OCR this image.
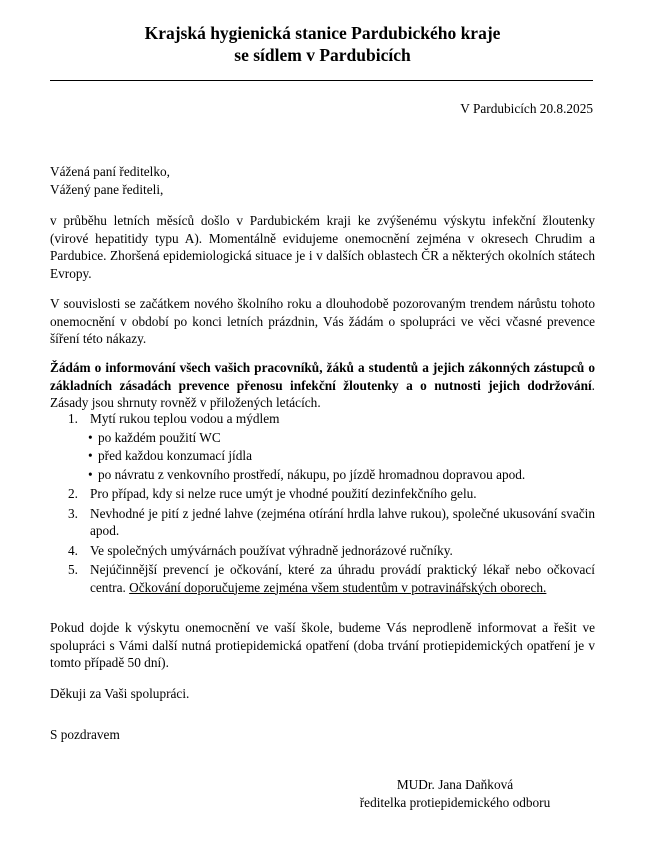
Krajská hygienická stanice Pardubického kraje
se sídlem v Pardubicích
V Pardubicích 20.8.2025
Vážená paní ředitelko,
Vážený pane řediteli,
v průběhu letních měsíců došlo v Pardubickém kraji ke zvýšenému výskytu infekční žloutenky (virové hepatitidy typu A). Momentálně evidujeme onemocnění zejména v okresech Chrudim a Pardubice. Zhoršená epidemiologická situace je i v dalších oblastech ČR a některých okolních státech Evropy.
V souvislosti se začátkem nového školního roku a dlouhodobě pozorovaným trendem nárůstu tohoto onemocnění v období po konci letních prázdnin, Vás žádám o spolupráci ve věci včasné prevence šíření této nákazy.
Žádám o informování všech vašich pracovníků, žáků a studentů a jejich zákonných zástupců o základních zásadách prevence přenosu infekční žloutenky a o nutnosti jejich dodržování. Zásady jsou shrnuty rovněž v přiložených letácích.
1. Mytí rukou teplou vodou a mýdlem
• po každém použití WC
• před každou konzumací jídla
• po návratu z venkovního prostředí, nákupu, po jízdě hromadnou dopravou apod.
2. Pro případ, kdy si nelze ruce umýt je vhodné použití dezinfekčního gelu.
3. Nevhodné je pití z jedné lahve (zejména otírání hrdla lahve rukou), společné ukusování svačin apod.
4. Ve společných umývárnách používat výhradně jednorázové ručníky.
5. Nejúčinnější prevencí je očkování, které za úhradu provádí praktický lékař nebo očkovací centra. Očkování doporučujeme zejména všem studentům v potravinářských oborech.
Pokud dojde k výskytu onemocnění ve vaší škole, budeme Vás neprodleně informovat a řešit ve spolupráci s Vámi další nutná protiepidemická opatření (doba trvání protiepidemických opatření je v tomto případě 50 dní).
Děkuji za Vaši spolupráci.
S pozdravem
MUDr. Jana Daňková
ředitelka protiepidemického odboru
